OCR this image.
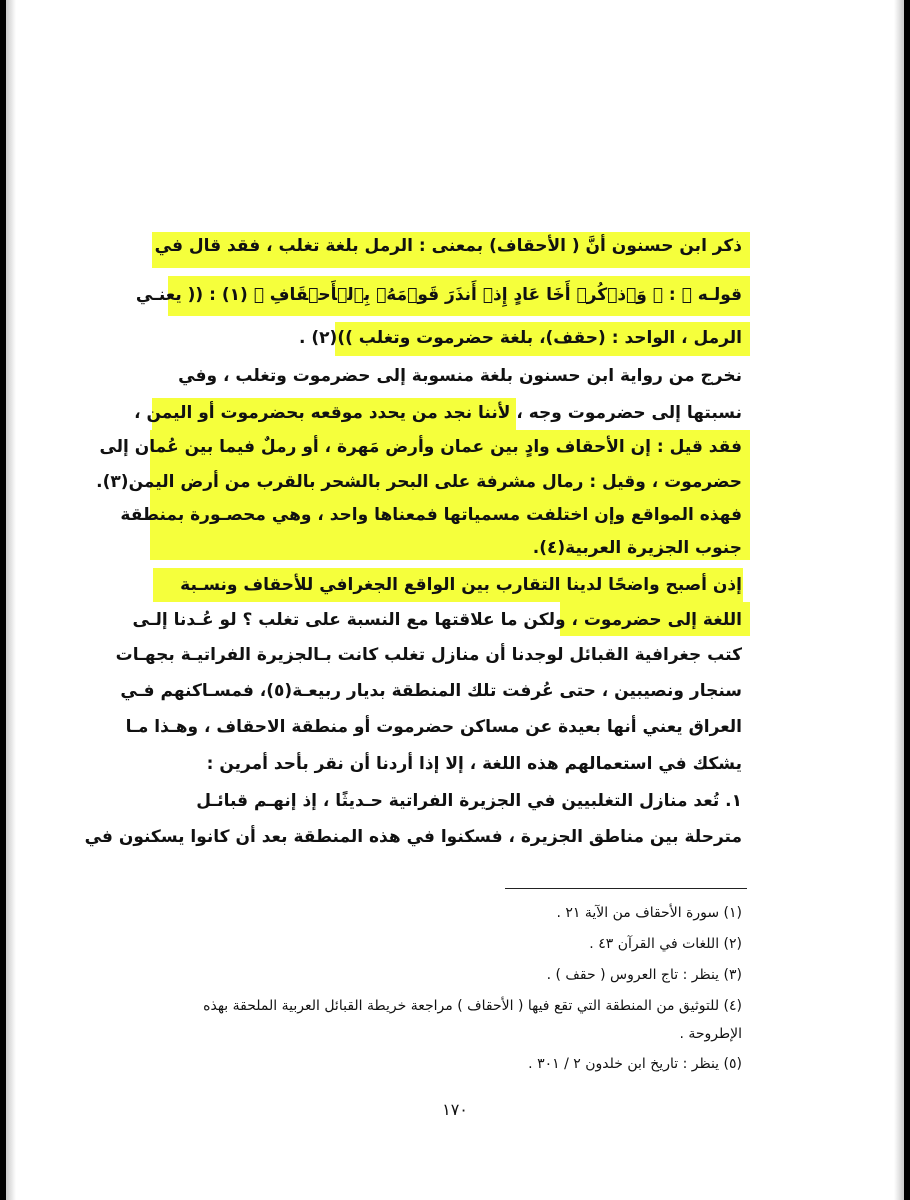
ذكر ابن حسنون أنَّ ( الأحقاف) بمعنى : الرمل بلغة تغلب ، فقد قال في
قولـه ﷻ : ﴿ وَٱذۡكُرۡ أَخَا عَادٍ إِذۡ أَنذَرَ قَوۡمَهُۥ بِٱلۡأَحۡقَافِ ﴾ (١) : (( يعنـي
الرمل ، الواحد : (حقف)، بلغة حضرموت وتغلب ))(٢) .
نخرج من رواية ابن حسنون بلغة منسوبة إلى حضرموت وتغلب ، وفي
نسبتها إلى حضرموت وجه ، لأننا نجد من يحدد موقعه بحضرموت أو اليمن ،
فقد قيل : إن الأحقاف وادٍ بين عمان وأرض مَهرة ، أو رملٌ فيما بين عُمان إلى
حضرموت ، وقيل : رمال مشرفة على البحر بالشحر بالقرب من أرض اليمن(٣).
فهذه المواقع وإن اختلفت مسمياتها فمعناها واحد ، وهي محصـورة بمنطقة
جنوب الجزيرة العربية(٤).
إذن أصبح واضحًا لدينا التقارب بين الواقع الجغرافي للأحقاف ونسـبة
اللغة إلى حضرموت ، ولكن ما علاقتها مع النسبة على تغلب ؟ لو عُـدنا إلـى
كتب جغرافية القبائل لوجدنا أن منازل تغلب كانت بـالجزيرة الفراتيـة بجهـات
سنجار ونصيبين ، حتى عُرفت تلك المنطقة بديار ربيعـة(٥)، فمسـاكنهم فـي
العراق يعني أنها بعيدة عن مساكن حضرموت أو منطقة الاحقاف ، وهـذا مـا
يشكك في استعمالهم هذه اللغة ، إلا إذا أردنا أن نقر بأحد أمرين :
١. تُعد منازل التغلبيين في الجزيرة الفراتية حـديثًا ، إذ إنهـم قبائـل
مترحلة بين مناطق الجزيرة ، فسكنوا في هذه المنطقة بعد أن كانوا يسكنون في
(١) سورة الأحقاف من الآية ٢١ .
(٢) اللغات في القرآن ٤٣ .
(٣) ينظر : تاج العروس ( حقف ) .
(٤) للتوثيق من المنطقة التي تقع فيها ( الأحقاف ) مراجعة خريطة القبائل العربية الملحقة بهذه
الإطروحة .
(٥) ينظر : تاريخ ابن خلدون ٢ / ٣٠١ .
١٧٠
